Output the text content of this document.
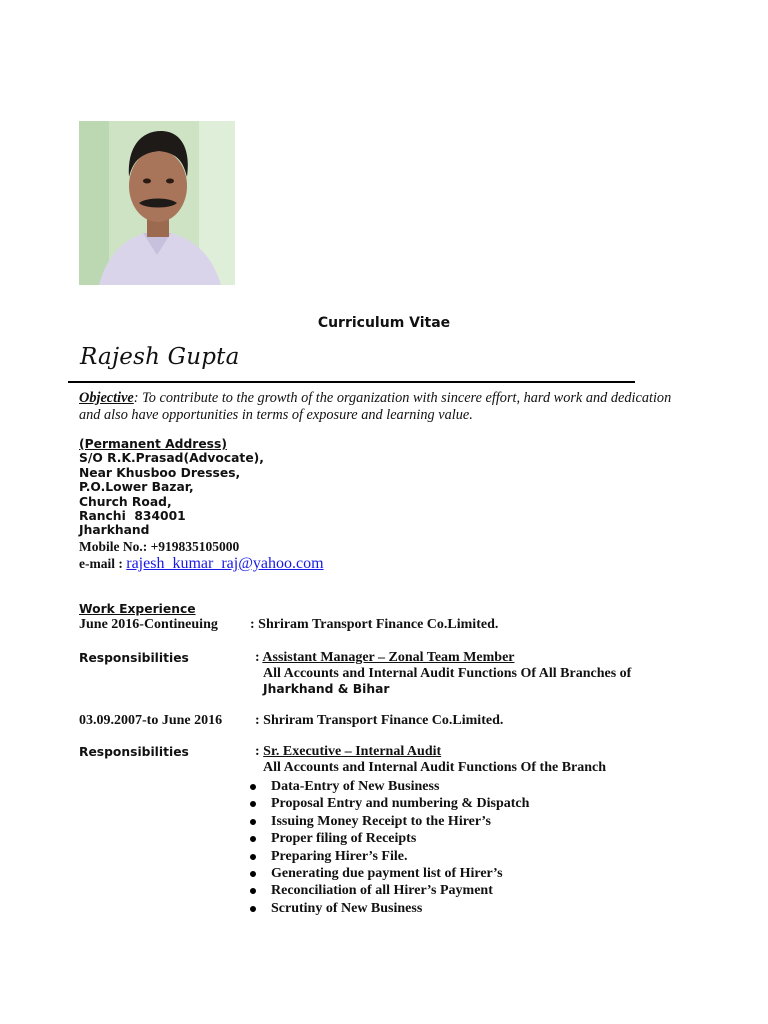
Curriculum Vitae
Rajesh Gupta
Objective: To contribute to the growth of the organization with sincere effort, hard work and dedication
and also have opportunities in terms of exposure and learning value.
(Permanent Address)
S/O R.K.Prasad(Advocate),
Near Khusboo Dresses,
P.O.Lower Bazar,
Church Road,
Ranchi  834001
Jharkhand
Mobile No.: +919835105000
e-mail : rajesh_kumar_raj@yahoo.com
Work Experience
June 2016-Contineuing : Shriram Transport Finance Co.Limited.
Responsibilities	: Assistant Manager – Zonal Team Member
All Accounts and Internal Audit Functions Of All Branches of
Jharkhand & Bihar
03.09.2007-to June 2016 : Shriram Transport Finance Co.Limited.
Responsibilities	: Sr. Executive – Internal Audit
All Accounts and Internal Audit Functions Of the Branch
Data-Entry of New Business
Proposal Entry and numbering & Dispatch
Issuing Money Receipt to the Hirer’s
Proper filing of Receipts
Preparing Hirer’s File.
Generating due payment list of Hirer’s
Reconciliation of all Hirer’s Payment
Scrutiny of New Business
